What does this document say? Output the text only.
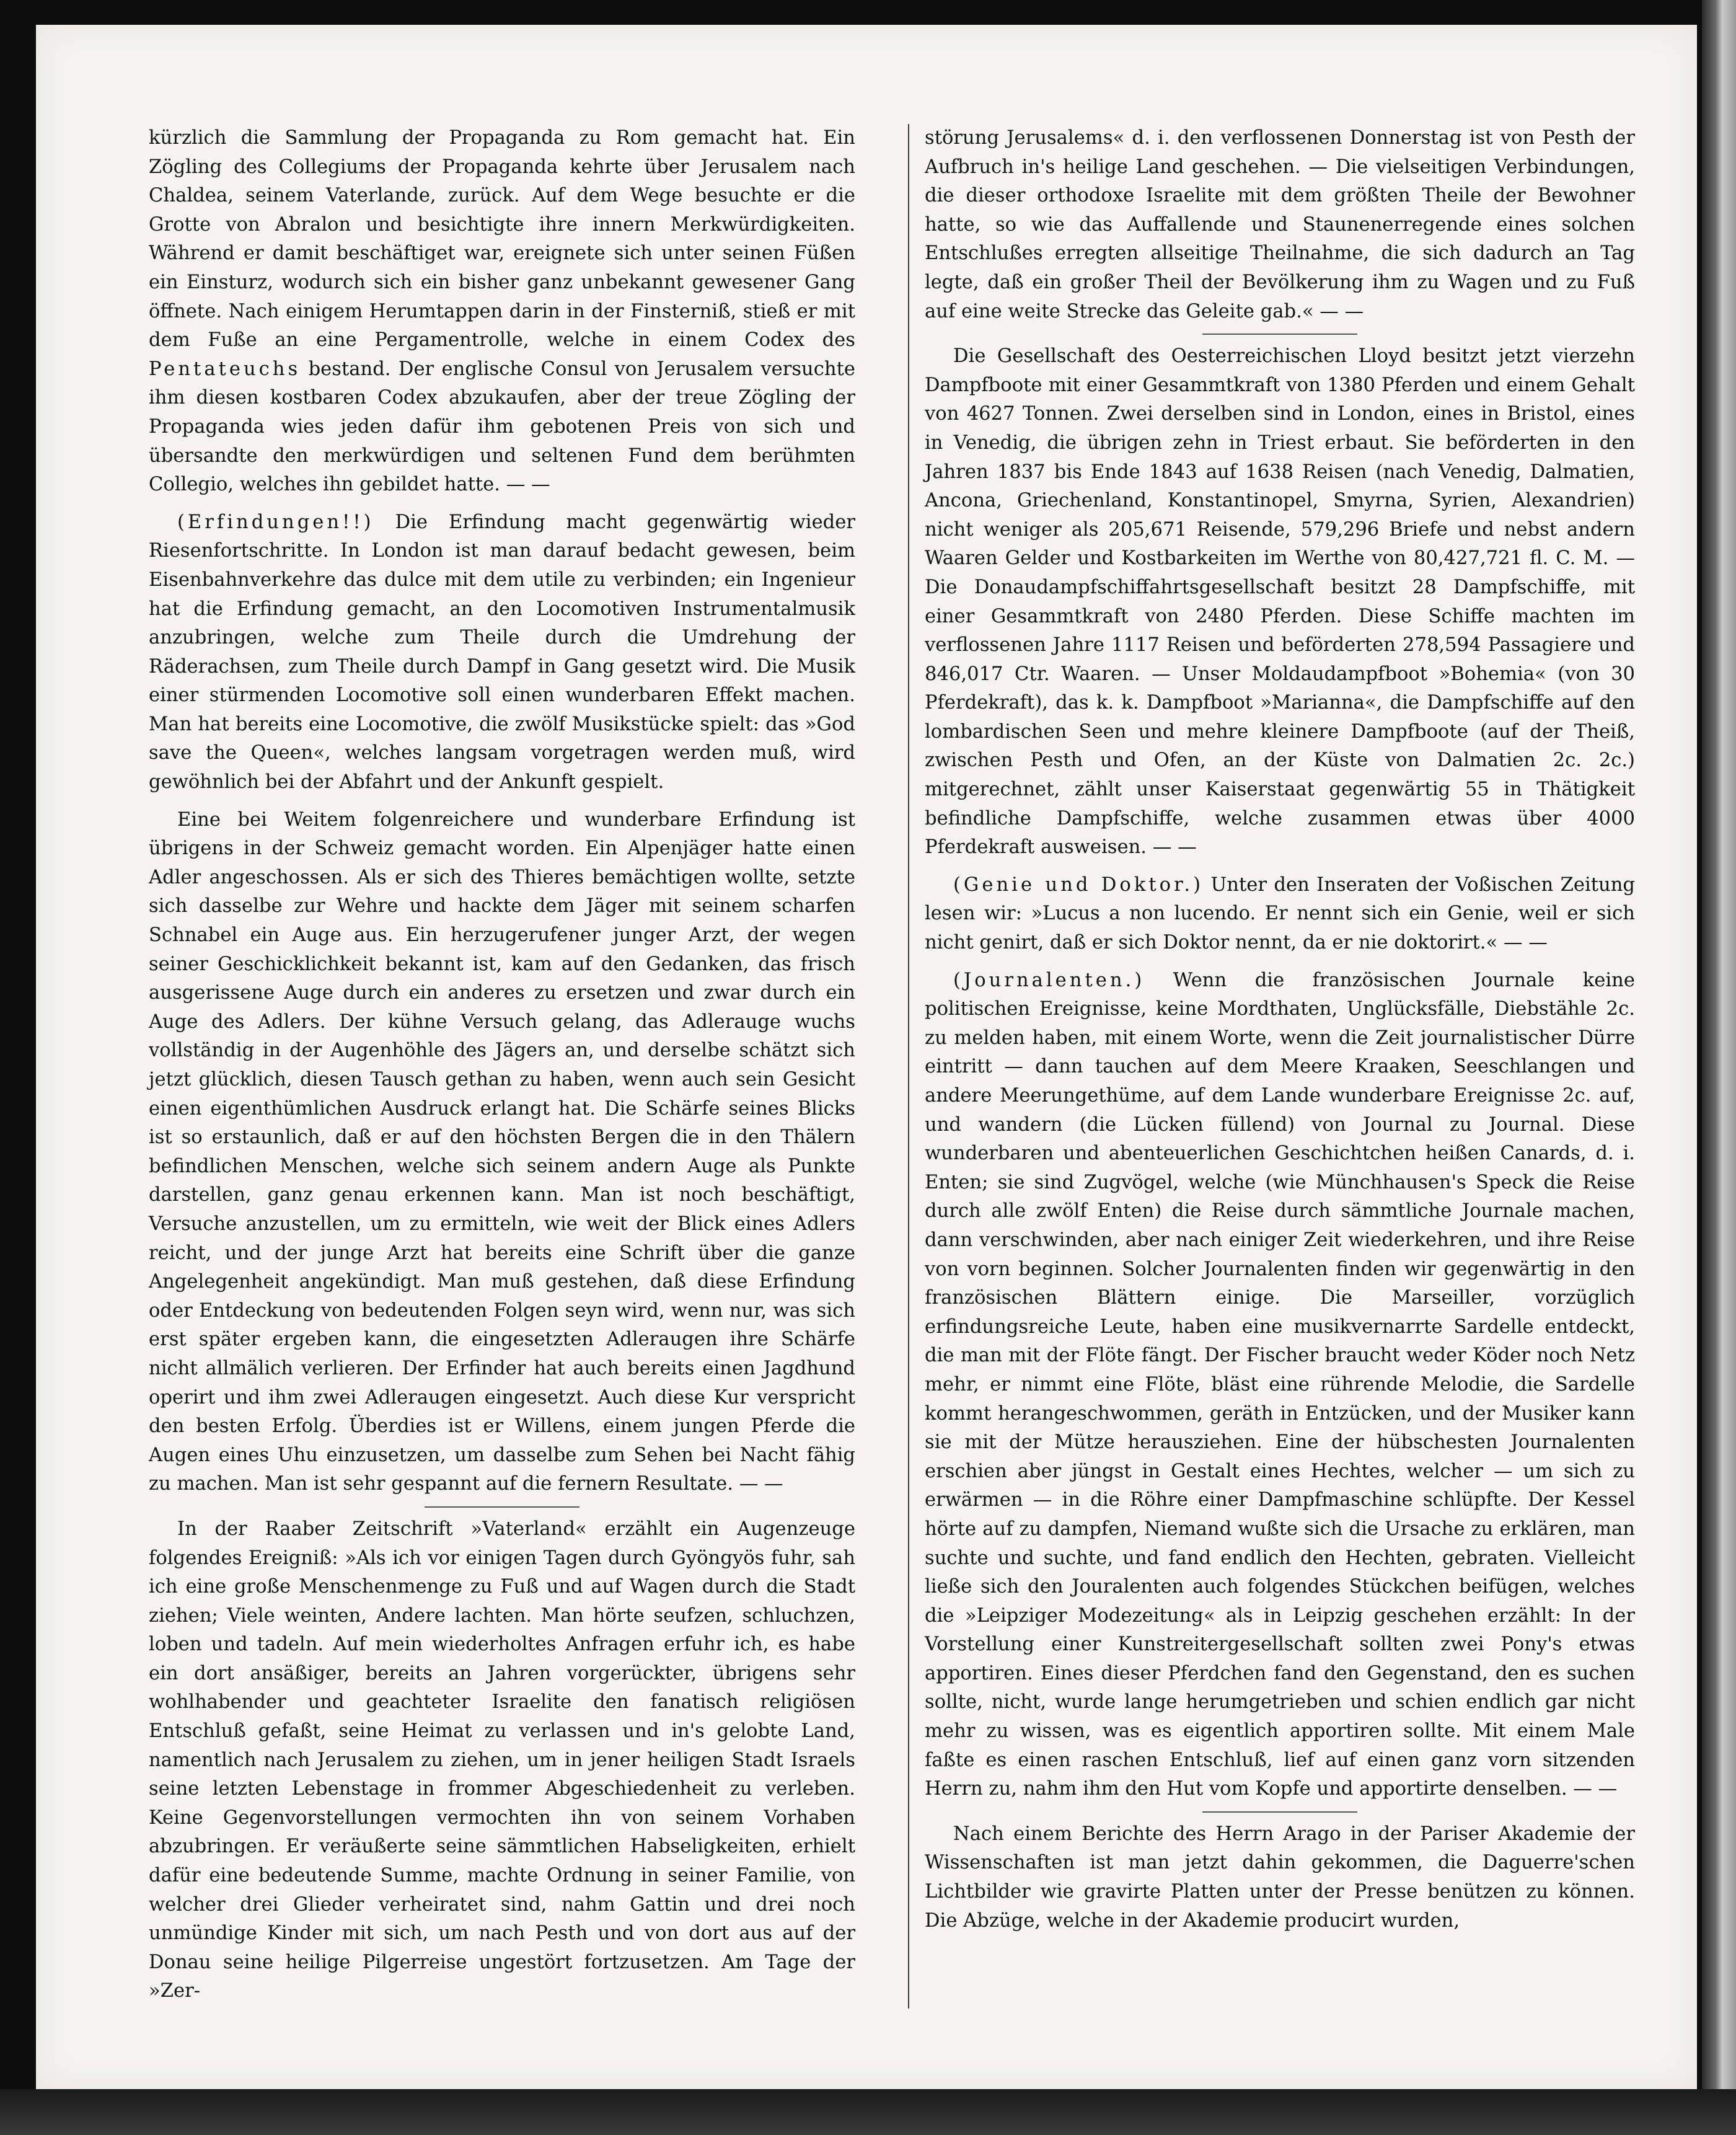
kürzlich die Sammlung der Propaganda zu Rom gemacht hat. Ein Zögling des Collegiums der Propaganda kehrte über Jerusalem nach Chaldea, seinem Vaterlande, zurück. Auf dem Wege besuchte er die Grotte von Abralon und besichtigte ihre innern Merkwürdigkeiten. Während er damit beschäftiget war, ereignete sich unter seinen Füßen ein Einsturz, wodurch sich ein bisher ganz unbekannt gewesener Gang öffnete. Nach einigem Herumtappen darin in der Finsterniß, stieß er mit dem Fuße an eine Pergamentrolle, welche in einem Codex des Pentateuchs bestand. Der englische Consul von Jerusalem versuchte ihm diesen kostbaren Codex abzukaufen, aber der treue Zögling der Propaganda wies jeden dafür ihm gebotenen Preis von sich und übersandte den merkwürdigen und seltenen Fund dem berühmten Collegio, welches ihn gebildet hatte. — —

(Erfindungen!!) Die Erfindung macht gegenwärtig wieder Riesenfortschritte. In London ist man darauf bedacht gewesen, beim Eisenbahnverkehre das dulce mit dem utile zu verbinden; ein Ingenieur hat die Erfindung gemacht, an den Locomotiven Instrumentalmusik anzubringen, welche zum Theile durch die Umdrehung der Räderachsen, zum Theile durch Dampf in Gang gesetzt wird. Die Musik einer stürmenden Locomotive soll einen wunderbaren Effekt machen. Man hat bereits eine Locomotive, die zwölf Musikstücke spielt: das »God save the Queen«, welches langsam vorgetragen werden muß, wird gewöhnlich bei der Abfahrt und der Ankunft gespielt.

Eine bei Weitem folgenreichere und wunderbare Erfindung ist übrigens in der Schweiz gemacht worden. Ein Alpenjäger hatte einen Adler angeschossen. Als er sich des Thieres bemächtigen wollte, setzte sich dasselbe zur Wehre und hackte dem Jäger mit seinem scharfen Schnabel ein Auge aus. Ein herzugerufener junger Arzt, der wegen seiner Geschicklichkeit bekannt ist, kam auf den Gedanken, das frisch ausgerissene Auge durch ein anderes zu ersetzen und zwar durch ein Auge des Adlers. Der kühne Versuch gelang, das Adlerauge wuchs vollständig in der Augenhöhle des Jägers an, und derselbe schätzt sich jetzt glücklich, diesen Tausch gethan zu haben, wenn auch sein Gesicht einen eigenthümlichen Ausdruck erlangt hat. Die Schärfe seines Blicks ist so erstaunlich, daß er auf den höchsten Bergen die in den Thälern befindlichen Menschen, welche sich seinem andern Auge als Punkte darstellen, ganz genau erkennen kann. Man ist noch beschäftigt, Versuche anzustellen, um zu ermitteln, wie weit der Blick eines Adlers reicht, und der junge Arzt hat bereits eine Schrift über die ganze Angelegenheit angekündigt. Man muß gestehen, daß diese Erfindung oder Entdeckung von bedeutenden Folgen seyn wird, wenn nur, was sich erst später ergeben kann, die eingesetzten Adleraugen ihre Schärfe nicht allmälich verlieren. Der Erfinder hat auch bereits einen Jagdhund operirt und ihm zwei Adleraugen eingesetzt. Auch diese Kur verspricht den besten Erfolg. Überdies ist er Willens, einem jungen Pferde die Augen eines Uhu einzusetzen, um dasselbe zum Sehen bei Nacht fähig zu machen. Man ist sehr gespannt auf die fernern Resultate. — —

In der Raaber Zeitschrift »Vaterland« erzählt ein Augenzeuge folgendes Ereigniß: »Als ich vor einigen Tagen durch Gyöngyös fuhr, sah ich eine große Menschenmenge zu Fuß und auf Wagen durch die Stadt ziehen; Viele weinten, Andere lachten. Man hörte seufzen, schluchzen, loben und tadeln. Auf mein wiederholtes Anfragen erfuhr ich, es habe ein dort ansäßiger, bereits an Jahren vorgerückter, übrigens sehr wohlhabender und geachteter Israelite den fanatisch religiösen Entschluß gefaßt, seine Heimat zu verlassen und in's gelobte Land, namentlich nach Jerusalem zu ziehen, um in jener heiligen Stadt Israels seine letzten Lebenstage in frommer Abgeschiedenheit zu verleben. Keine Gegenvorstellungen vermochten ihn von seinem Vorhaben abzubringen. Er veräußerte seine sämmtlichen Habseligkeiten, erhielt dafür eine bedeutende Summe, machte Ordnung in seiner Familie, von welcher drei Glieder verheiratet sind, nahm Gattin und drei noch unmündige Kinder mit sich, um nach Pesth und von dort aus auf der Donau seine heilige Pilgerreise ungestört fortzusetzen. Am Tage der »Zer-

störung Jerusalems« d. i. den verflossenen Donnerstag ist von Pesth der Aufbruch in's heilige Land geschehen. — Die vielseitigen Verbindungen, die dieser orthodoxe Israelite mit dem größten Theile der Bewohner hatte, so wie das Auffallende und Staunenerregende eines solchen Entschlußes erregten allseitige Theilnahme, die sich dadurch an Tag legte, daß ein großer Theil der Bevölkerung ihm zu Wagen und zu Fuß auf eine weite Strecke das Geleite gab.« — —

Die Gesellschaft des Oesterreichischen Lloyd besitzt jetzt vierzehn Dampfboote mit einer Gesammtkraft von 1380 Pferden und einem Gehalt von 4627 Tonnen. Zwei derselben sind in London, eines in Bristol, eines in Venedig, die übrigen zehn in Triest erbaut. Sie beförderten in den Jahren 1837 bis Ende 1843 auf 1638 Reisen (nach Venedig, Dalmatien, Ancona, Griechenland, Konstantinopel, Smyrna, Syrien, Alexandrien) nicht weniger als 205,671 Reisende, 579,296 Briefe und nebst andern Waaren Gelder und Kostbarkeiten im Werthe von 80,427,721 fl. C. M. — Die Donaudampfschiffahrtsgesellschaft besitzt 28 Dampfschiffe, mit einer Gesammtkraft von 2480 Pferden. Diese Schiffe machten im verflossenen Jahre 1117 Reisen und beförderten 278,594 Passagiere und 846,017 Ctr. Waaren. — Unser Moldaudampfboot »Bohemia« (von 30 Pferdekraft), das k. k. Dampfboot »Marianna«, die Dampfschiffe auf den lombardischen Seen und mehre kleinere Dampfboote (auf der Theiß, zwischen Pesth und Ofen, an der Küste von Dalmatien 2c. 2c.) mitgerechnet, zählt unser Kaiserstaat gegenwärtig 55 in Thätigkeit befindliche Dampfschiffe, welche zusammen etwas über 4000 Pferdekraft ausweisen. — —

(Genie und Doktor.) Unter den Inseraten der Voßischen Zeitung lesen wir: »Lucus a non lucendo. Er nennt sich ein Genie, weil er sich nicht genirt, daß er sich Doktor nennt, da er nie doktorirt.« — —

(Journalenten.) Wenn die französischen Journale keine politischen Ereignisse, keine Mordthaten, Unglücksfälle, Diebstähle 2c. zu melden haben, mit einem Worte, wenn die Zeit journalistischer Dürre eintritt — dann tauchen auf dem Meere Kraaken, Seeschlangen und andere Meerungethüme, auf dem Lande wunderbare Ereignisse 2c. auf, und wandern (die Lücken füllend) von Journal zu Journal. Diese wunderbaren und abenteuerlichen Geschichtchen heißen Canards, d. i. Enten; sie sind Zugvögel, welche (wie Münchhausen's Speck die Reise durch alle zwölf Enten) die Reise durch sämmtliche Journale machen, dann verschwinden, aber nach einiger Zeit wiederkehren, und ihre Reise von vorn beginnen. Solcher Journalenten finden wir gegenwärtig in den französischen Blättern einige. Die Marseiller, vorzüglich erfindungsreiche Leute, haben eine musikvernarrte Sardelle entdeckt, die man mit der Flöte fängt. Der Fischer braucht weder Köder noch Netz mehr, er nimmt eine Flöte, bläst eine rührende Melodie, die Sardelle kommt herangeschwommen, geräth in Entzücken, und der Musiker kann sie mit der Mütze herausziehen. Eine der hübschesten Journalenten erschien aber jüngst in Gestalt eines Hechtes, welcher — um sich zu erwärmen — in die Röhre einer Dampfmaschine schlüpfte. Der Kessel hörte auf zu dampfen, Niemand wußte sich die Ursache zu erklären, man suchte und suchte, und fand endlich den Hechten, gebraten. Vielleicht ließe sich den Jouralenten auch folgendes Stückchen beifügen, welches die »Leipziger Modezeitung« als in Leipzig geschehen erzählt: In der Vorstellung einer Kunstreitergesellschaft sollten zwei Pony's etwas apportiren. Eines dieser Pferdchen fand den Gegenstand, den es suchen sollte, nicht, wurde lange herumgetrieben und schien endlich gar nicht mehr zu wissen, was es eigentlich apportiren sollte. Mit einem Male faßte es einen raschen Entschluß, lief auf einen ganz vorn sitzenden Herrn zu, nahm ihm den Hut vom Kopfe und apportirte denselben. — —

Nach einem Berichte des Herrn Arago in der Pariser Akademie der Wissenschaften ist man jetzt dahin gekommen, die Daguerre'schen Lichtbilder wie gravirte Platten unter der Presse benützen zu können. Die Abzüge, welche in der Akademie producirt wurden,
